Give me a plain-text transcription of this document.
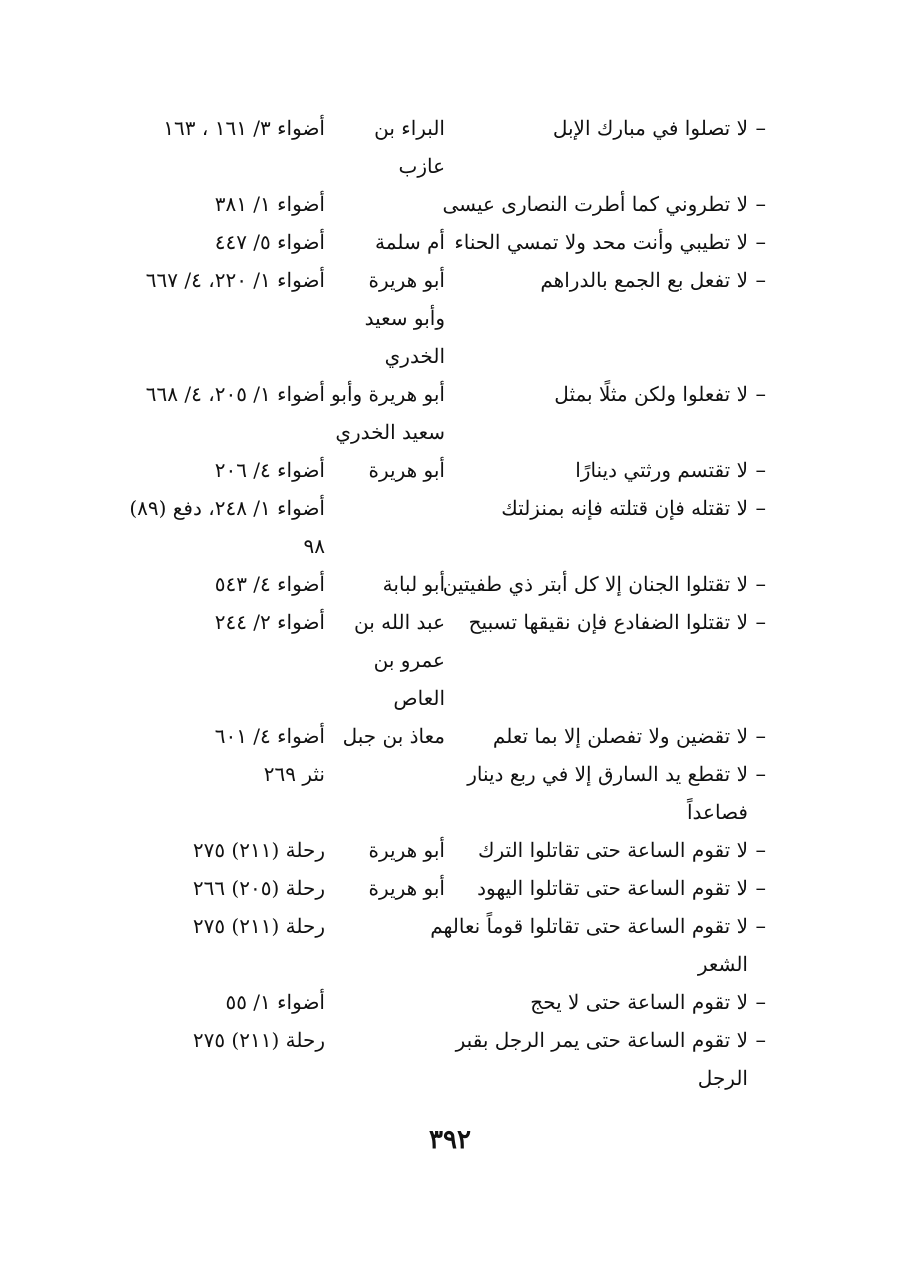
–
لا تصلوا في مبارك الإبل
البراء بن
أضواء ٣/ ١٦١ ، ١٦٣
عازب
–
لا تطروني كما أطرت النصارى عيسى
أضواء ١/ ٣٨١
–
لا تطيبي وأنت محد ولا تمسي الحناء
أم سلمة
أضواء ٥/ ٤٤٧
–
لا تفعل بع الجمع بالدراهم
أبو هريرة
أضواء ١/ ٢٢٠، ٤/ ٦٦٧
وأبو سعيد
الخدري
–
لا تفعلوا ولكن مثلًا بمثل
أبو هريرة وأبو
أضواء ١/ ٢٠٥، ٤/ ٦٦٨
سعيد الخدري
–
لا تقتسم ورثتي دينارًا
أبو هريرة
أضواء ٤/ ٢٠٦
–
لا تقتله فإن قتلته فإنه بمنزلتك
أضواء ١/ ٢٤٨، دفع (٨٩)
٩٨
–
لا تقتلوا الجنان إلا كل أبتر ذي طفيتين
أبو لبابة
أضواء ٤/ ٥٤٣
–
لا تقتلوا الضفادع فإن نقيقها تسبيح
عبد الله بن
أضواء ٢/ ٢٤٤
عمرو بن
العاص
–
لا تقضين ولا تفصلن إلا بما تعلم
معاذ بن جبل
أضواء ٤/ ٦٠١
–
لا تقطع يد السارق إلا في ربع دينار
نثر ٢٦٩
فصاعداً
–
لا تقوم الساعة حتى تقاتلوا الترك
أبو هريرة
رحلة (٢١١) ٢٧٥
–
لا تقوم الساعة حتى تقاتلوا اليهود
أبو هريرة
رحلة (٢٠٥) ٢٦٦
–
لا تقوم الساعة حتى تقاتلوا قوماً نعالهم
رحلة (٢١١) ٢٧٥
الشعر
–
لا تقوم الساعة حتى لا يحج
أضواء ١/ ٥٥
–
لا تقوم الساعة حتى يمر الرجل بقبر
رحلة (٢١١) ٢٧٥
الرجل
٣٩٢
